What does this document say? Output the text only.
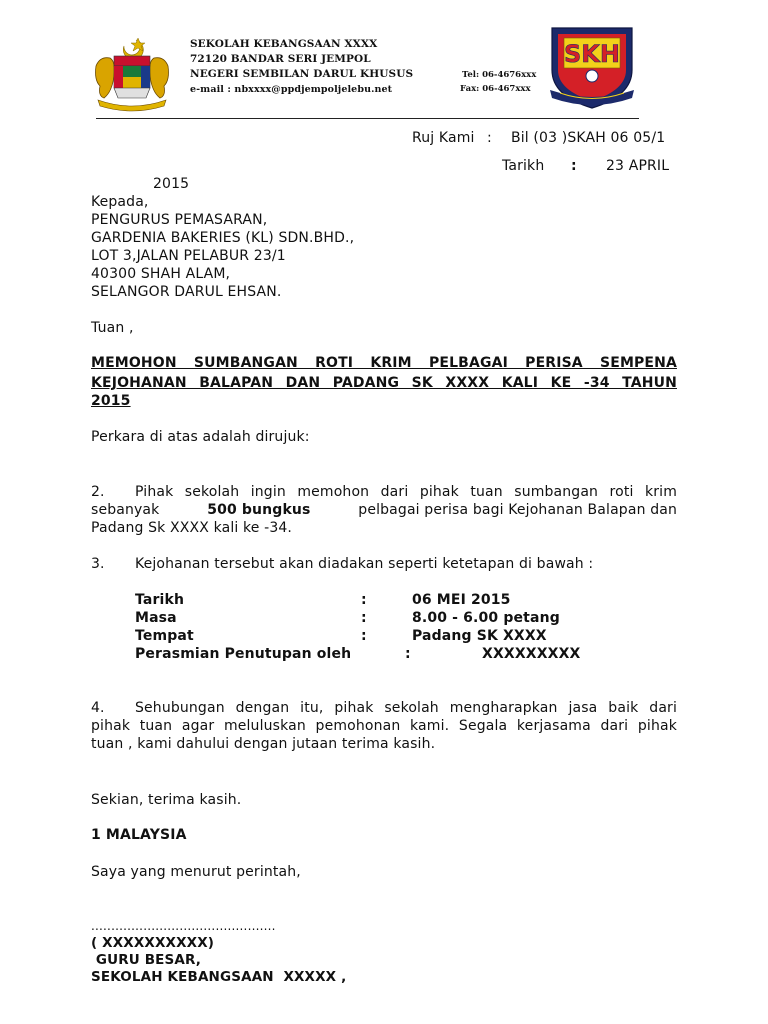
SEKOLAH KEBANGSAAN XXXX
72120 BANDAR SERI JEMPOL
NEGERI SEMBILAN DARUL KHUSUS
e-mail : nbxxxx@ppdjempoljelebu.net
Tel: 06-4676xxx
Fax: 06-467xxx
SKH
Ruj Kami : Bil (03 )SKAH 06 05/1
Tarikh : 23 APRIL
2015
Kepada,
PENGURUS PEMASARAN,
GARDENIA BAKERIES (KL) SDN.BHD.,
LOT 3,JALAN PELABUR 23/1
40300 SHAH ALAM,
SELANGOR DARUL EHSAN.
Tuan ,
MEMOHON SUMBANGAN ROTI KRIM PELBAGAI PERISA SEMPENA
KEJOHANAN BALAPAN DAN PADANG SK XXXX KALI KE -34 TAHUN
2015
Perkara di atas adalah dirujuk:
2. Pihak sekolah ingin memohon dari pihak tuan sumbangan roti krim
sebanyak	500 bungkus	pelbagai perisa bagi Kejohanan Balapan dan
Padang Sk XXXX kali ke -34.
3. Kejohanan tersebut akan diadakan seperti ketetapan di bawah :
Tarikh	:	06 MEI 2015
Masa	:	8.00 - 6.00 petang
Tempat	:	Padang SK XXXX
Perasmian Penutupan oleh	:	XXXXXXXXX
4. Sehubungan dengan itu, pihak sekolah mengharapkan jasa baik dari
pihak tuan agar meluluskan pemohonan kami. Segala kerjasama dari pihak
tuan , kami dahului dengan jutaan terima kasih.
Sekian, terima kasih.
1 MALAYSIA
Saya yang menurut perintah,
..............................................
( XXXXXXXXXX)
GURU BESAR,
SEKOLAH KEBANGSAAN  XXXXX ,
